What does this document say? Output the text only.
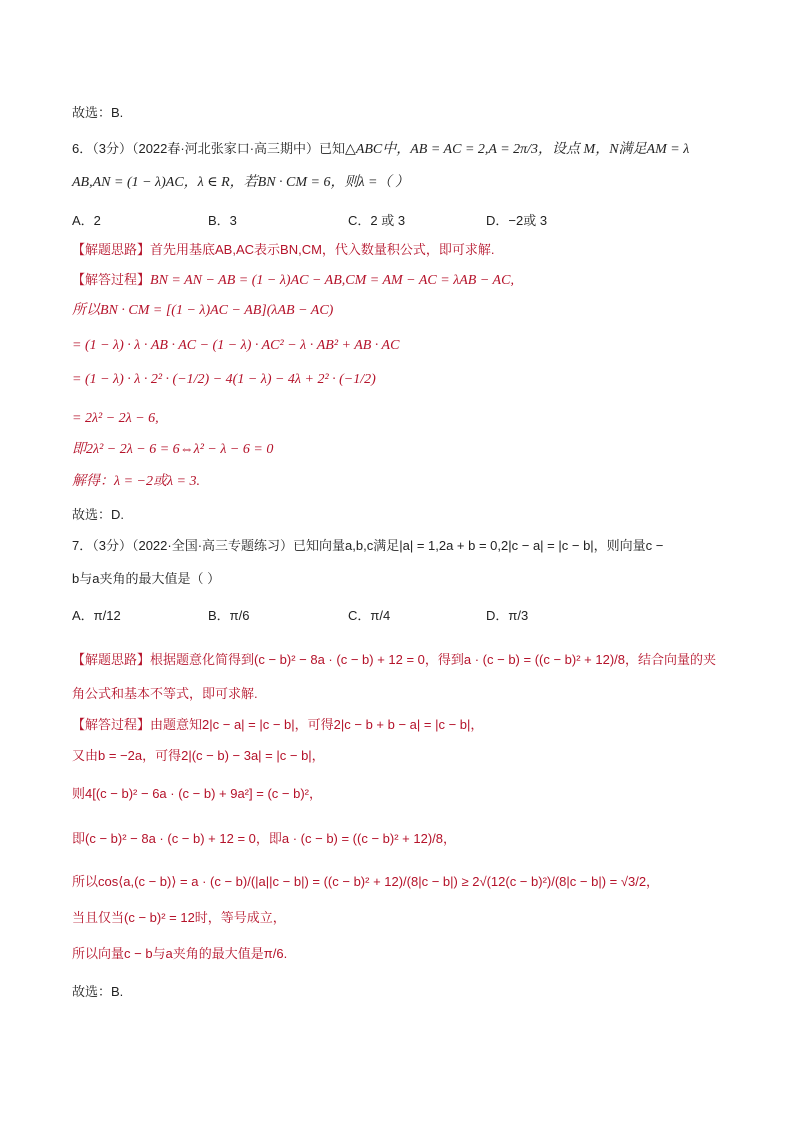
故选：B.
6．（3分）（2022春·河北张家口·高三期中）已知△ABC中，AB = AC = 2,A = 2π/3，设点 M，N满足AM = λ
AB,AN = (1 − λ)AC，λ ∈ R，若BN · CM = 6，则λ =（ ）
A．2	B．3	C．2 或 3	D．−2或 3
【解题思路】首先用基底AB,AC表示BN,CM，代入数量积公式，即可求解.
【解答过程】BN = AN − AB = (1 − λ)AC − AB,CM = AM − AC = λAB − AC,
所以BN · CM = [(1 − λ)AC − AB](λAB − AC)
= (1 − λ) · λ · AB · AC − (1 − λ) · AC² − λ · AB² + AB · AC
= (1 − λ) · λ · 2² · (−1/2) − 4(1 − λ) − 4λ + 2² · (−1/2)
= 2λ² − 2λ − 6,
即2λ² − 2λ − 6 = 6⇔λ² − λ − 6 = 0
解得：λ = −2或λ = 3.
故选：D.
7．（3分）（2022·全国·高三专题练习）已知向量a,b,c满足|a| = 1,2a + b = 0,2|c − a| = |c − b|，则向量c −
b与a夹角的最大值是（ ）
A．π/12	B．π/6	C．π/4	D．π/3
【解题思路】根据题意化简得到(c − b)² − 8a · (c − b) + 12 = 0，得到a · (c − b) = ((c − b)² + 12)/8，结合向量的夹
角公式和基本不等式，即可求解.
【解答过程】由题意知2|c − a| = |c − b|，可得2|c − b + b − a| = |c − b|，
又由b = −2a，可得2|(c − b) − 3a| = |c − b|，
则4[(c − b)² − 6a · (c − b) + 9a²] = (c − b)²，
即(c − b)² − 8a · (c − b) + 12 = 0，即a · (c − b) = ((c − b)² + 12)/8，
所以cos⟨a,(c − b)⟩ = a · (c − b)/(|a||c − b|) = ((c − b)² + 12)/(8|c − b|) ≥ 2√(12(c − b)²)/(8|c − b|) = √3/2，
当且仅当(c − b)² = 12时，等号成立，
所以向量c − b与a夹角的最大值是π/6.
故选：B.
